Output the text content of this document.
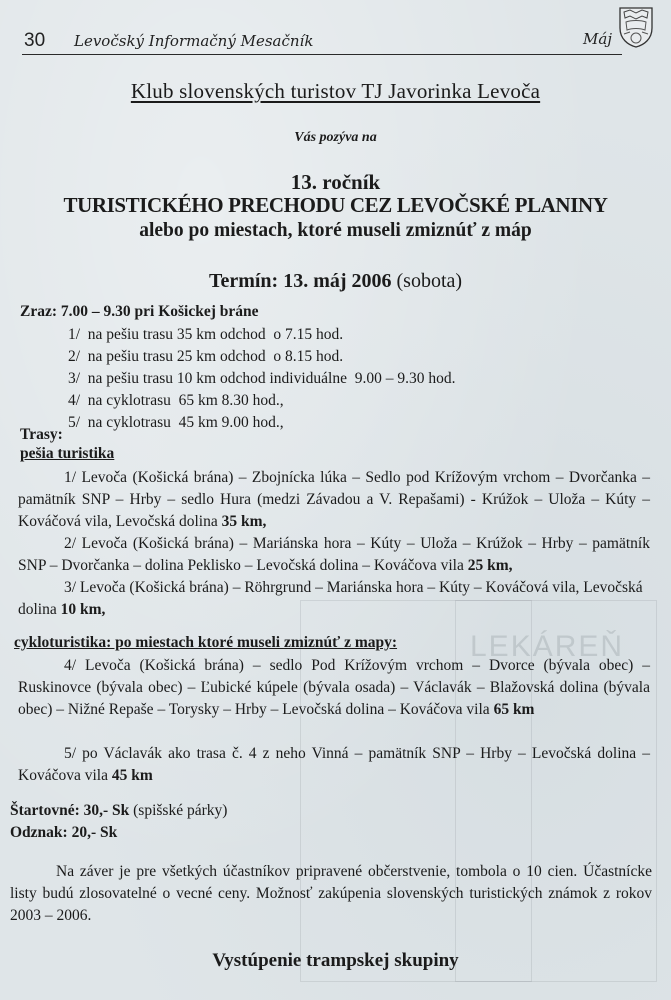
LEKÁREŇ
30 Levočský Informačný Mesačník	Máj
Klub slovenských turistov TJ Javorinka Levoča
Vás pozýva na
13. ročník
TURISTICKÉHO PRECHODU CEZ LEVOČSKÉ PLANINY
alebo po miestach, ktoré museli zmiznúť z máp
Termín: 13. máj 2006 (sobota)
Zraz: 7.00 – 9.30 pri Košickej bráne
1/  na pešiu trasu 35 km odchod  o 7.15 hod.
2/  na pešiu trasu 25 km odchod  o 8.15 hod.
3/  na pešiu trasu 10 km odchod individuálne  9.00 – 9.30 hod.
4/  na cyklotrasu  65 km 8.30 hod.,
5/  na cyklotrasu  45 km 9.00 hod.,
Trasy:
pešia turistika
1/ Levoča (Košická brána) – Zbojnícka lúka – Sedlo pod Krížovým vrchom – Dvorčanka – pamätník SNP – Hrby – sedlo Hura (medzi Závadou a V. Repašami) - Krúžok – Uloža – Kúty – Kováčová vila, Levočská dolina 35 km,
2/ Levoča (Košická brána) – Mariánska hora – Kúty – Uloža – Krúžok – Hrby – pamätník SNP – Dvorčanka – dolina Peklisko – Levočská dolina – Kováčova vila 25 km,
3/ Levoča (Košická brána) – Röhrgrund – Mariánska hora – Kúty – Kováčová vila, Levočská dolina 10 km,
cykloturistika: po miestach ktoré museli zmiznúť z mapy:
4/ Levoča (Košická brána) – sedlo Pod Krížovým vrchom – Dvorce (bývala obec) – Ruskinovce (bývala obec) – Ľubické kúpele (bývala osada) – Václavák – Blažovská dolina (bývala obec) – Nižné Repaše – Torysky – Hrby – Levočská dolina – Kováčova vila 65 km
5/ po Václavák ako trasa č. 4 z neho Vinná – pamätník SNP – Hrby – Levočská dolina – Kováčova vila 45 km
Štartovné: 30,- Sk (spišské párky)
Odznak: 20,- Sk
Na záver je pre všetkých účastníkov pripravené občerstvenie, tombola o 10 cien. Účastnícke listy budú zlosovatelné o vecné ceny. Možnosť zakúpenia slovenských turistických známok z rokov 2003 – 2006.
Vystúpenie trampskej skupiny
